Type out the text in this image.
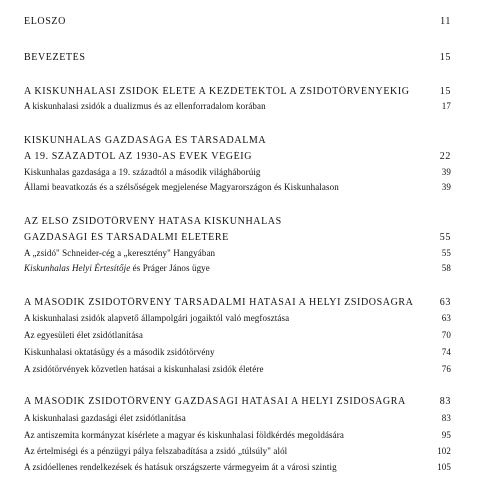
ELŐSZÓ	11
BEVEZETÉS	15
A KISKUNHALASI ZSIDÓK ÉLETE A KEZDETEKTŐL A ZSIDÓTÖRVÉNYEKIG	15
A kiskunhalasi zsidók a dualizmus és az ellenforradalom korában	17
KISKUNHALAS GAZDASÁGA ÉS TÁRSADALMA
A 19. SZÁZADTÓL AZ 1930-AS ÉVEK VÉGÉIG	22
Kiskunhalas gazdasága a 19. századtól a második világháborúig	39
Állami beavatkozás és a szélsőségek megjelenése Magyarországon és Kiskunhalason	39
AZ ELSŐ ZSIDÓTÖRVÉNY HATÁSA KISKUNHALAS
GAZDASÁGI ÉS TÁRSADALMI ÉLETÉRE	55
A „zsidó" Schneider-cég a „keresztény" Hangyában	55
Kiskunhalas Helyi Értesítője és Práger János ügye	58
A MÁSODIK ZSIDÓTÖRVÉNY TÁRSADALMI HATÁSAI A HELYI ZSIDÓSÁGRA	63
A kiskunhalasi zsidók alapvető állampolgári jogaiktól való megfosztása	63
Az egyesületi élet zsidótlanítása	70
Kiskunhalasi oktatásügy és a második zsidótörvény	74
A zsidótörvények közvetlen hatásai a kiskunhalasi zsidók életére	76
A MÁSODIK ZSIDÓTÖRVÉNY GAZDASÁGI HATÁSAI A HELYI ZSIDÓSÁGRA	83
A kiskunhalasi gazdasági élet zsidótlanítása	83
Az antiszemita kormányzat kísérlete a magyar és kiskunhalasi földkérdés megoldására	95
Az értelmiségi és a pénzügyi pálya felszabadítása a zsidó „túlsúly" alól	102
A zsidóellenes rendelkezések és hatásuk országszerte vármegyeim át a városi szintig	105
